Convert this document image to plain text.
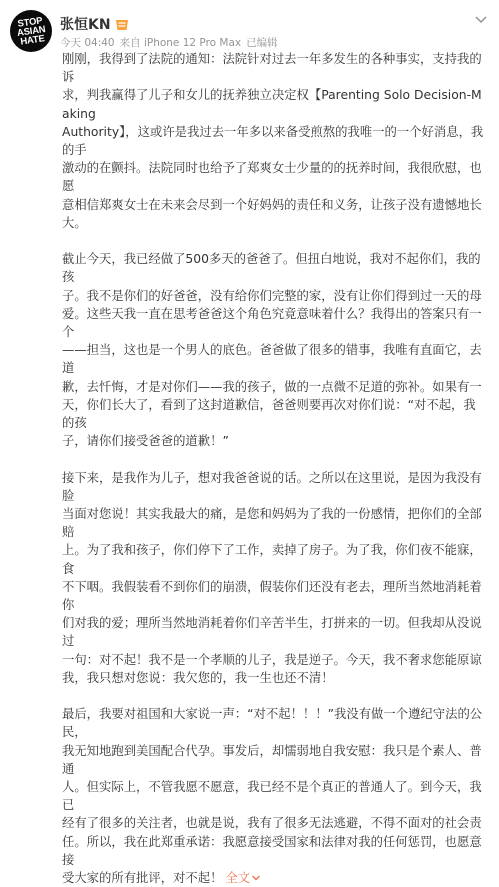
STOP
ASIAN
HATE
张恒KN
今天 04:40 来自 iPhone 12 Pro Max 已编辑

刚刚，我得到了法院的通知：法院针对过去一年多发生的各种事实，支持我的诉
求，判我赢得了儿子和女儿的抚养独立决定权【Parenting Solo Decision-Making
Authority】，这或许是我过去一年多以来备受煎熬的我唯一的一个好消息，我的手
激动的在颤抖。法院同时也给予了郑爽女士少量的的抚养时间，我很欣慰，也愿
意相信郑爽女士在未来会尽到一个好妈妈的责任和义务，让孩子没有遗憾地长
大。

截止今天，我已经做了500多天的爸爸了。但扭白地说，我对不起你们，我的孩
子。我不是你们的好爸爸，没有给你们完整的家，没有让你们得到过一天的母
爱。这些天我一直在思考爸爸这个角色究竟意味着什么？我得出的答案只有一个
——担当，这也是一个男人的底色。爸爸做了很多的错事，我唯有直面它，去道
歉，去忏悔，才是对你们——我的孩子，做的一点微不足道的弥补。如果有一
天，你们长大了，看到了这封道歉信，爸爸则要再次对你们说：“对不起，我的孩
子，请你们接受爸爸的道歉！”

接下来，是我作为儿子，想对我爸爸说的话。之所以在这里说，是因为我没有脸
当面对您说！其实我最大的痛，是您和妈妈为了我的一份感情，把你们的全部赔
上。为了我和孩子，你们停下了工作，卖掉了房子。为了我，你们夜不能寐，食
不下咽。我假装看不到你们的崩溃，假装你们还没有老去，理所当然地消耗着你
们对我的爱；理所当然地消耗着你们辛苦半生，打拼来的一切。但我却从没说过
一句：对不起！我不是一个孝顺的儿子，我是逆子。今天，我不奢求您能原谅
我，我只想对您说：我欠您的，我一生也还不清！

最后，我要对祖国和大家说一声：“对不起！！！”我没有做一个遵纪守法的公民，
我无知地跑到美国配合代孕。事发后，却懦弱地自我安慰：我只是个素人、普通
人。但实际上，不管我愿不愿意，我已经不是个真正的普通人了。到今天，我已
经有了很多的关注者，也就是说，我有了很多无法逃避，不得不面对的社会责
任。所以，我在此郑重承诺：我愿意接受国家和法律对我的任何惩罚，也愿意接
受大家的所有批评，对不起！ 全文
